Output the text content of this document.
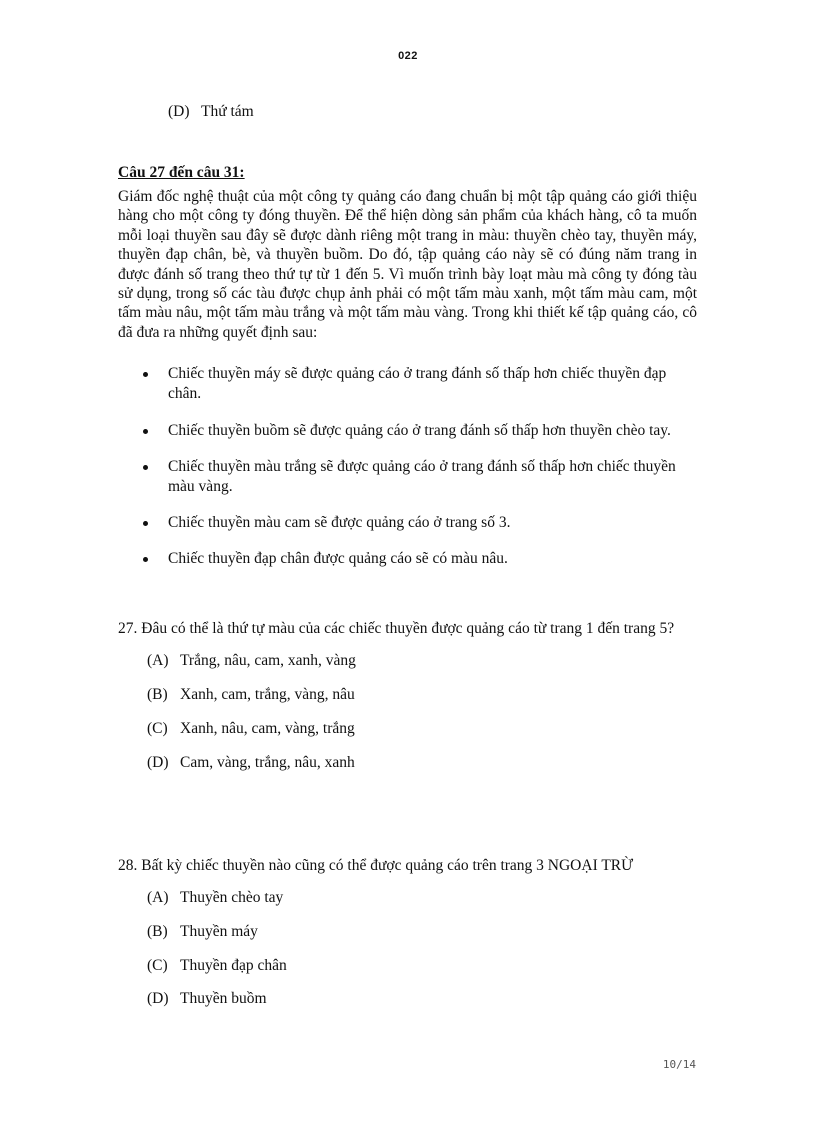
022
(D) Thứ tám
Câu 27 đến câu 31:
Giám đốc nghệ thuật của một công ty quảng cáo đang chuẩn bị một tập quảng cáo giới thiệu hàng cho một công ty đóng thuyền. Để thể hiện dòng sản phẩm của khách hàng, cô ta muốn mỗi loại thuyền sau đây sẽ được dành riêng một trang in màu: thuyền chèo tay, thuyền máy, thuyền đạp chân, bè, và thuyền buồm. Do đó, tập quảng cáo này sẽ có đúng năm trang in được đánh số trang theo thứ tự từ 1 đến 5. Vì muốn trình bày loạt màu mà công ty đóng tàu sử dụng, trong số các tàu được chụp ảnh phải có một tấm màu xanh, một tấm màu cam, một tấm màu nâu, một tấm màu trắng và một tấm màu vàng. Trong khi thiết kế tập quảng cáo, cô đã đưa ra những quyết định sau:
Chiếc thuyền máy sẽ được quảng cáo ở trang đánh số thấp hơn chiếc thuyền đạp chân.
Chiếc thuyền buồm sẽ được quảng cáo ở trang đánh số thấp hơn thuyền chèo tay.
Chiếc thuyền màu trắng sẽ được quảng cáo ở trang đánh số thấp hơn chiếc thuyền màu vàng.
Chiếc thuyền màu cam sẽ được quảng cáo ở trang số 3.
Chiếc thuyền đạp chân được quảng cáo sẽ có màu nâu.
27. Đâu có thể là thứ tự màu của các chiếc thuyền được quảng cáo từ trang 1 đến trang 5?
(A) Trắng, nâu, cam, xanh, vàng
(B) Xanh, cam, trắng, vàng, nâu
(C) Xanh, nâu, cam, vàng, trắng
(D) Cam, vàng, trắng, nâu, xanh
28. Bất kỳ chiếc thuyền nào cũng có thể được quảng cáo trên trang 3 NGOẠI TRỪ
(A) Thuyền chèo tay
(B) Thuyền máy
(C) Thuyền đạp chân
(D) Thuyền buồm
10/14
